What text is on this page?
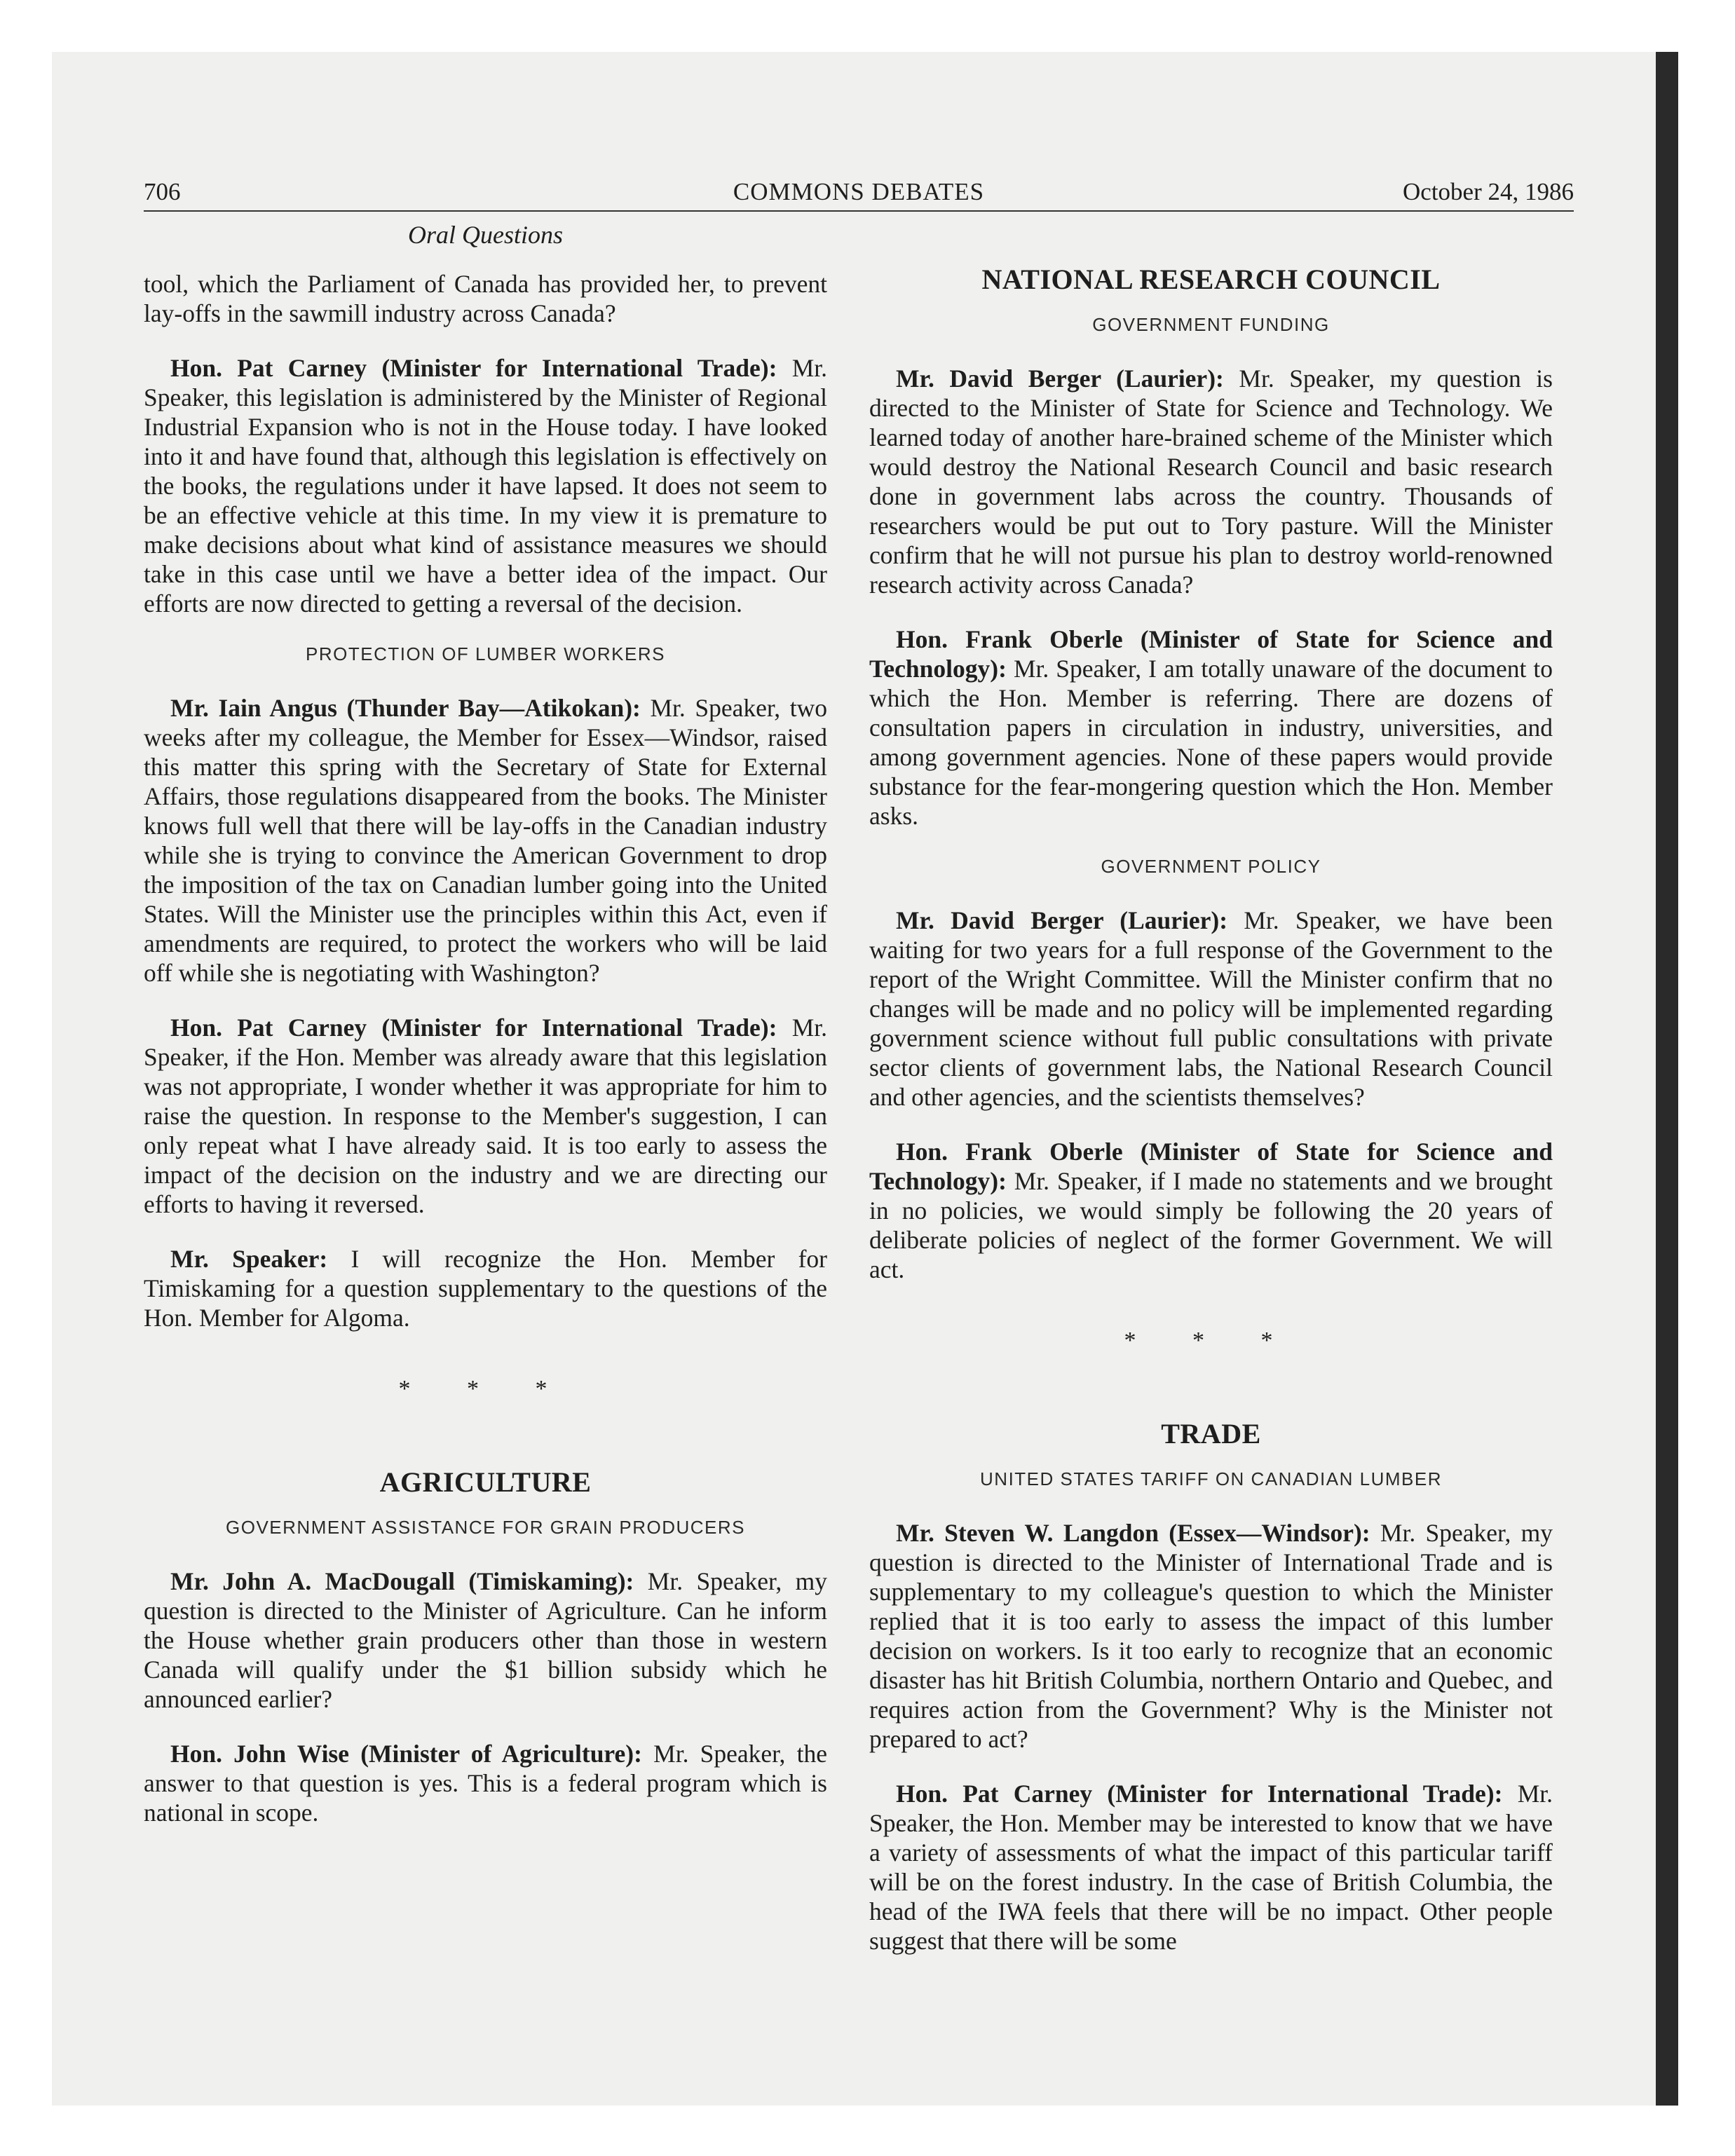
706	COMMONS DEBATES	October 24, 1986
Oral Questions

tool, which the Parliament of Canada has provided her, to prevent lay-offs in the sawmill industry across Canada?

Hon. Pat Carney (Minister for International Trade): Mr. Speaker, this legislation is administered by the Minister of Regional Industrial Expansion who is not in the House today. I have looked into it and have found that, although this legislation is effectively on the books, the regulations under it have lapsed. It does not seem to be an effective vehicle at this time. In my view it is premature to make decisions about what kind of assistance measures we should take in this case until we have a better idea of the impact. Our efforts are now directed to getting a reversal of the decision.

PROTECTION OF LUMBER WORKERS

Mr. Iain Angus (Thunder Bay—Atikokan): Mr. Speaker, two weeks after my colleague, the Member for Essex—Windsor, raised this matter this spring with the Secretary of State for External Affairs, those regulations disappeared from the books. The Minister knows full well that there will be lay-offs in the Canadian industry while she is trying to convince the American Government to drop the imposition of the tax on Canadian lumber going into the United States. Will the Minister use the principles within this Act, even if amendments are required, to protect the workers who will be laid off while she is negotiating with Washington?

Hon. Pat Carney (Minister for International Trade): Mr. Speaker, if the Hon. Member was already aware that this legislation was not appropriate, I wonder whether it was appropriate for him to raise the question. In response to the Member's suggestion, I can only repeat what I have already said. It is too early to assess the impact of the decision on the industry and we are directing our efforts to having it reversed.

Mr. Speaker: I will recognize the Hon. Member for Timiskaming for a question supplementary to the questions of the Hon. Member for Algoma.

* * *
AGRICULTURE
GOVERNMENT ASSISTANCE FOR GRAIN PRODUCERS

Mr. John A. MacDougall (Timiskaming): Mr. Speaker, my question is directed to the Minister of Agriculture. Can he inform the House whether grain producers other than those in western Canada will qualify under the $1 billion subsidy which he announced earlier?

Hon. John Wise (Minister of Agriculture): Mr. Speaker, the answer to that question is yes. This is a federal program which is national in scope.

NATIONAL RESEARCH COUNCIL
GOVERNMENT FUNDING

Mr. David Berger (Laurier): Mr. Speaker, my question is directed to the Minister of State for Science and Technology. We learned today of another hare-brained scheme of the Minister which would destroy the National Research Council and basic research done in government labs across the country. Thousands of researchers would be put out to Tory pasture. Will the Minister confirm that he will not pursue his plan to destroy world-renowned research activity across Canada?

Hon. Frank Oberle (Minister of State for Science and Technology): Mr. Speaker, I am totally unaware of the document to which the Hon. Member is referring. There are dozens of consultation papers in circulation in industry, universities, and among government agencies. None of these papers would provide substance for the fear-mongering question which the Hon. Member asks.

GOVERNMENT POLICY

Mr. David Berger (Laurier): Mr. Speaker, we have been waiting for two years for a full response of the Government to the report of the Wright Committee. Will the Minister confirm that no changes will be made and no policy will be implemented regarding government science without full public consultations with private sector clients of government labs, the National Research Council and other agencies, and the scientists themselves?

Hon. Frank Oberle (Minister of State for Science and Technology): Mr. Speaker, if I made no statements and we brought in no policies, we would simply be following the 20 years of deliberate policies of neglect of the former Government. We will act.

* * *
TRADE
UNITED STATES TARIFF ON CANADIAN LUMBER

Mr. Steven W. Langdon (Essex—Windsor): Mr. Speaker, my question is directed to the Minister of International Trade and is supplementary to my colleague's question to which the Minister replied that it is too early to assess the impact of this lumber decision on workers. Is it too early to recognize that an economic disaster has hit British Columbia, northern Ontario and Quebec, and requires action from the Government? Why is the Minister not prepared to act?

Hon. Pat Carney (Minister for International Trade): Mr. Speaker, the Hon. Member may be interested to know that we have a variety of assessments of what the impact of this particular tariff will be on the forest industry. In the case of British Columbia, the head of the IWA feels that there will be no impact. Other people suggest that there will be some
